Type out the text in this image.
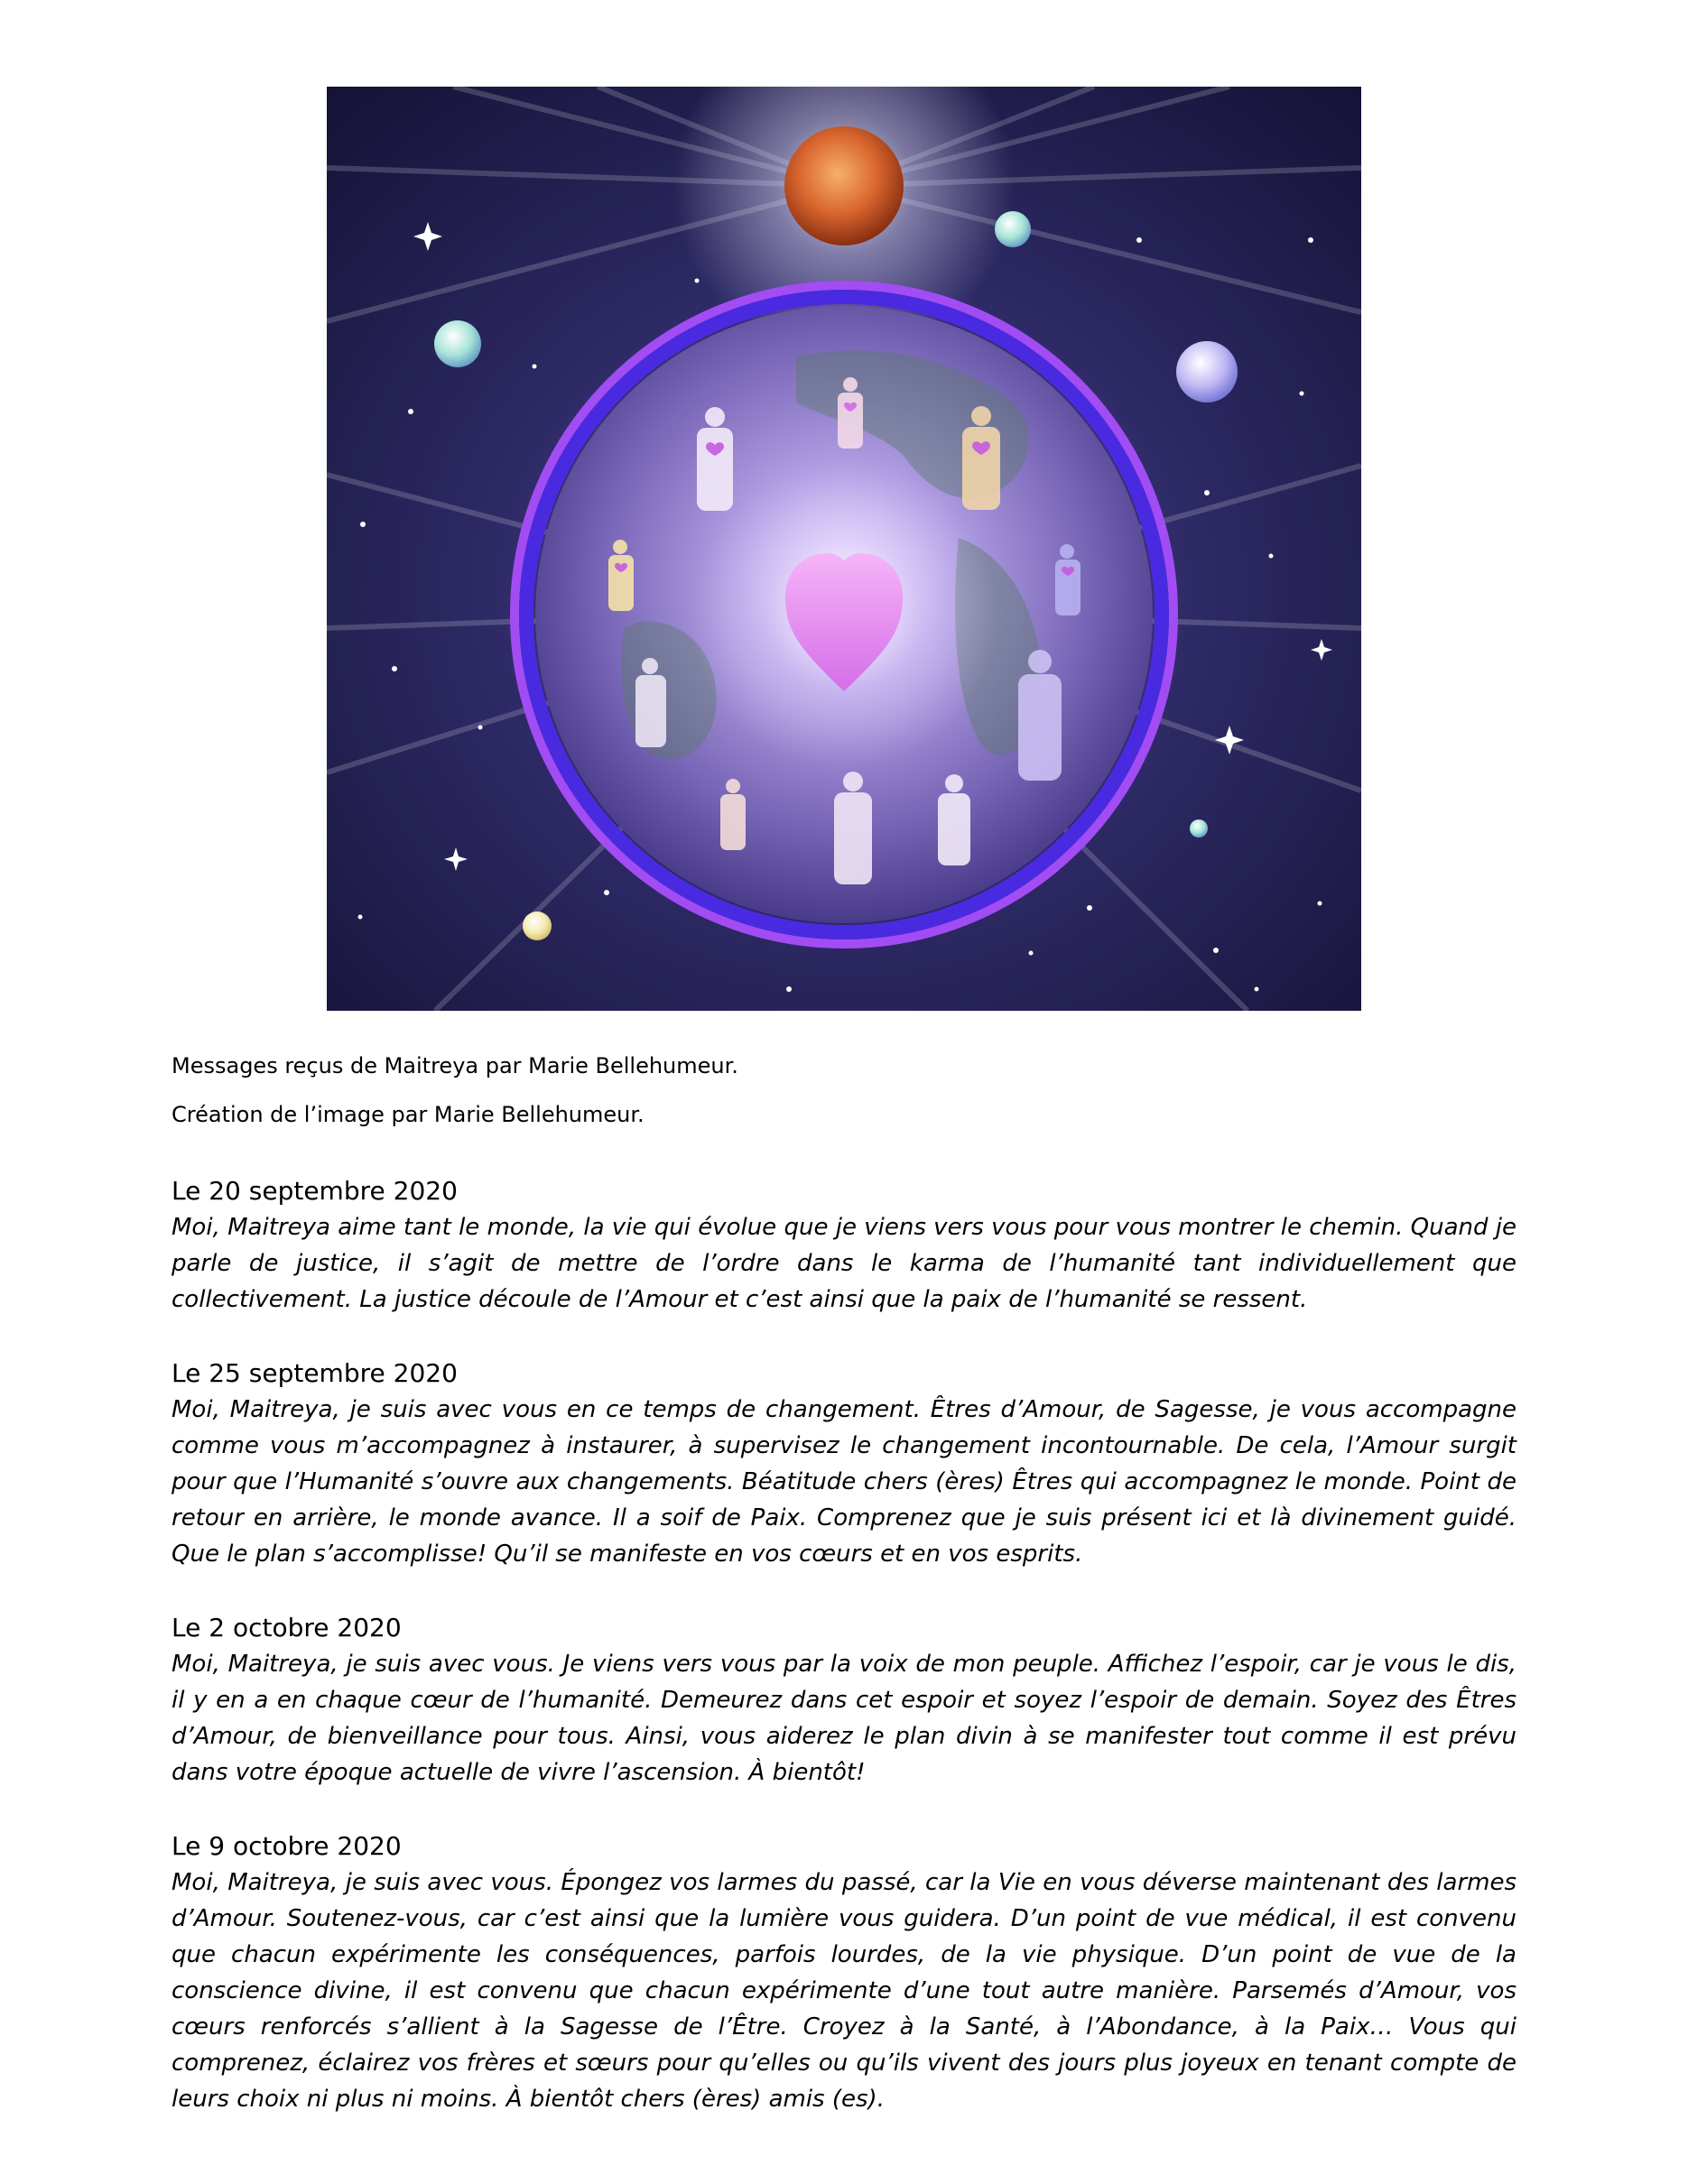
Messages reçus de Maitreya par Marie Bellehumeur.

Création de l’image par Marie Bellehumeur.

Le 20 septembre 2020

Moi, Maitreya aime tant le monde, la vie qui évolue que je viens vers vous pour vous montrer le chemin. Quand je parle de justice, il s’agit de mettre de l’ordre dans le karma de l’humanité tant individuellement que collectivement. La justice découle de l’Amour et c’est ainsi que la paix de l’humanité se ressent.

Le 25 septembre 2020

Moi, Maitreya, je suis avec vous en ce temps de changement. Êtres d’Amour, de Sagesse, je vous accompagne comme vous m’accompagnez à instaurer, à supervisez le changement incontournable. De cela, l’Amour surgit pour que l’Humanité s’ouvre aux changements. Béatitude chers (ères) Êtres qui accompagnez le monde. Point de retour en arrière, le monde avance. Il a soif de Paix. Comprenez que je suis présent ici et là divinement guidé. Que le plan s’accomplisse! Qu’il se manifeste en vos cœurs et en vos esprits.

Le 2 octobre 2020

Moi, Maitreya, je suis avec vous. Je viens vers vous par la voix de mon peuple. Affichez l’espoir, car je vous le dis, il y en a en chaque cœur de l’humanité. Demeurez dans cet espoir et soyez l’espoir de demain. Soyez des Êtres d’Amour, de bienveillance pour tous. Ainsi, vous aiderez le plan divin à se manifester tout comme il est prévu dans votre époque actuelle de vivre l’ascension. À bientôt!

Le 9 octobre 2020

Moi, Maitreya, je suis avec vous. Épongez vos larmes du passé, car la Vie en vous déverse maintenant des larmes d’Amour. Soutenez-vous, car c’est ainsi que la lumière vous guidera. D’un point de vue médical, il est convenu que chacun expérimente les conséquences, parfois lourdes, de la vie physique. D’un point de vue de la conscience divine, il est convenu que chacun expérimente d’une tout autre manière. Parsemés d’Amour, vos cœurs renforcés s’allient à la Sagesse de l’Être. Croyez à la Santé, à l’Abondance, à la Paix… Vous qui comprenez, éclairez vos frères et sœurs pour qu’elles ou qu’ils vivent des jours plus joyeux en tenant compte de leurs choix ni plus ni moins. À bientôt chers (ères) amis (es).
